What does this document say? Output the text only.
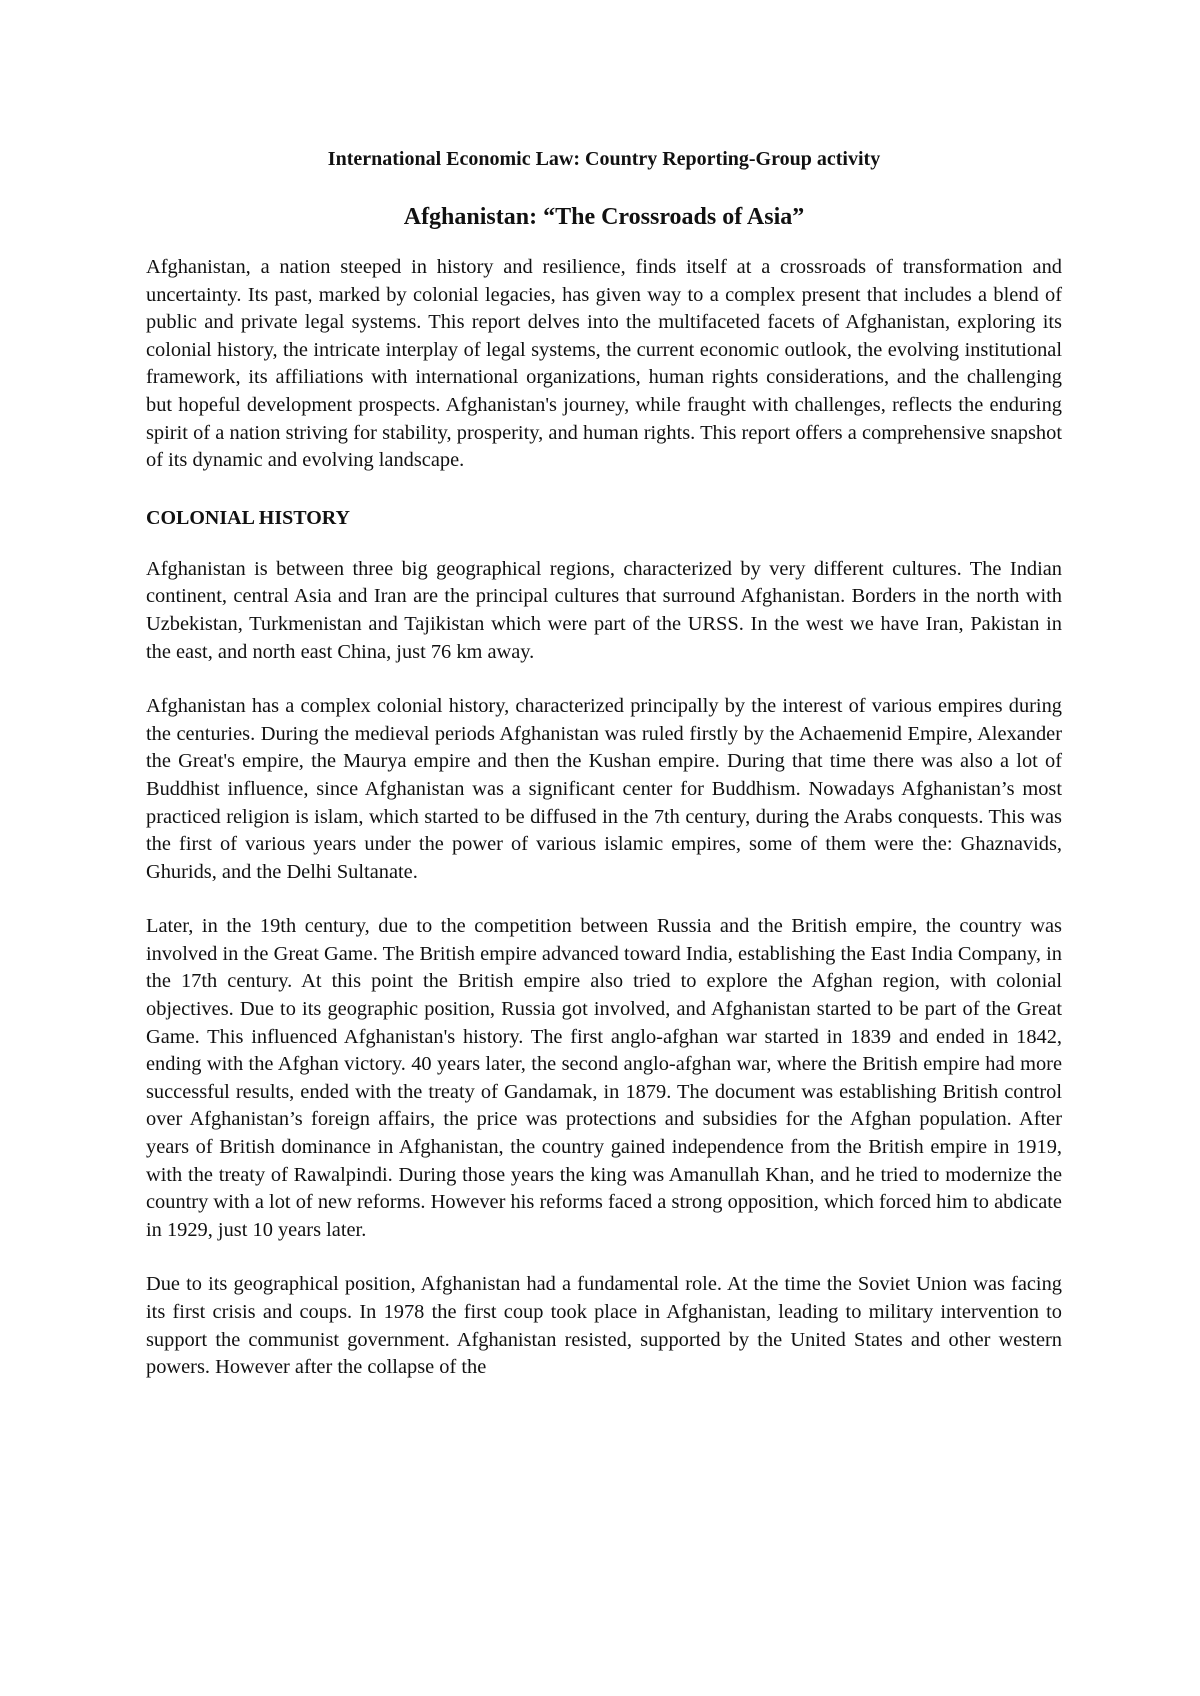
International Economic Law: Country Reporting-Group activity

Afghanistan: “The Crossroads of Asia”

Afghanistan, a nation steeped in history and resilience, finds itself at a crossroads of transformation and uncertainty. Its past, marked by colonial legacies, has given way to a complex present that includes a blend of public and private legal systems. This report delves into the multifaceted facets of Afghanistan, exploring its colonial history, the intricate interplay of legal systems, the current economic outlook, the evolving institutional framework, its affiliations with international organizations, human rights considerations, and the challenging but hopeful development prospects. Afghanistan's journey, while fraught with challenges, reflects the enduring spirit of a nation striving for stability, prosperity, and human rights. This report offers a comprehensive snapshot of its dynamic and evolving landscape.

COLONIAL HISTORY

Afghanistan is between three big geographical regions, characterized by very different cultures. The Indian continent, central Asia and Iran are the principal cultures that surround Afghanistan. Borders in the north with Uzbekistan, Turkmenistan and Tajikistan which were part of the URSS. In the west we have Iran, Pakistan in the east, and north east China, just 76 km away.

Afghanistan has a complex colonial history, characterized principally by the interest of various empires during the centuries. During the medieval periods Afghanistan was ruled firstly by the Achaemenid Empire, Alexander the Great's empire, the Maurya empire and then the Kushan empire. During that time there was also a lot of Buddhist influence, since Afghanistan was a significant center for Buddhism. Nowadays Afghanistan’s most practiced religion is islam, which started to be diffused in the 7th century, during the Arabs conquests. This was the first of various years under the power of various islamic empires, some of them were the: Ghaznavids, Ghurids, and the Delhi Sultanate.

Later, in the 19th century, due to the competition between Russia and the British empire, the country was involved in the Great Game. The British empire advanced toward India, establishing the East India Company, in the 17th century. At this point the British empire also tried to explore the Afghan region, with colonial objectives. Due to its geographic position, Russia got involved, and Afghanistan started to be part of the Great Game. This influenced Afghanistan's history. The first anglo-afghan war started in 1839 and ended in 1842, ending with the Afghan victory. 40 years later, the second anglo-afghan war, where the British empire had more successful results, ended with the treaty of Gandamak, in 1879. The document was establishing British control over Afghanistan’s foreign affairs, the price was protections and subsidies for the Afghan population. After years of British dominance in Afghanistan, the country gained independence from the British empire in 1919, with the treaty of Rawalpindi. During those years the king was Amanullah Khan, and he tried to modernize the country with a lot of new reforms. However his reforms faced a strong opposition, which forced him to abdicate in 1929, just 10 years later.

Due to its geographical position, Afghanistan had a fundamental role. At the time the Soviet Union was facing its first crisis and coups. In 1978 the first coup took place in Afghanistan, leading to military intervention to support the communist government. Afghanistan resisted, supported by the United States and other western powers. However after the collapse of the
